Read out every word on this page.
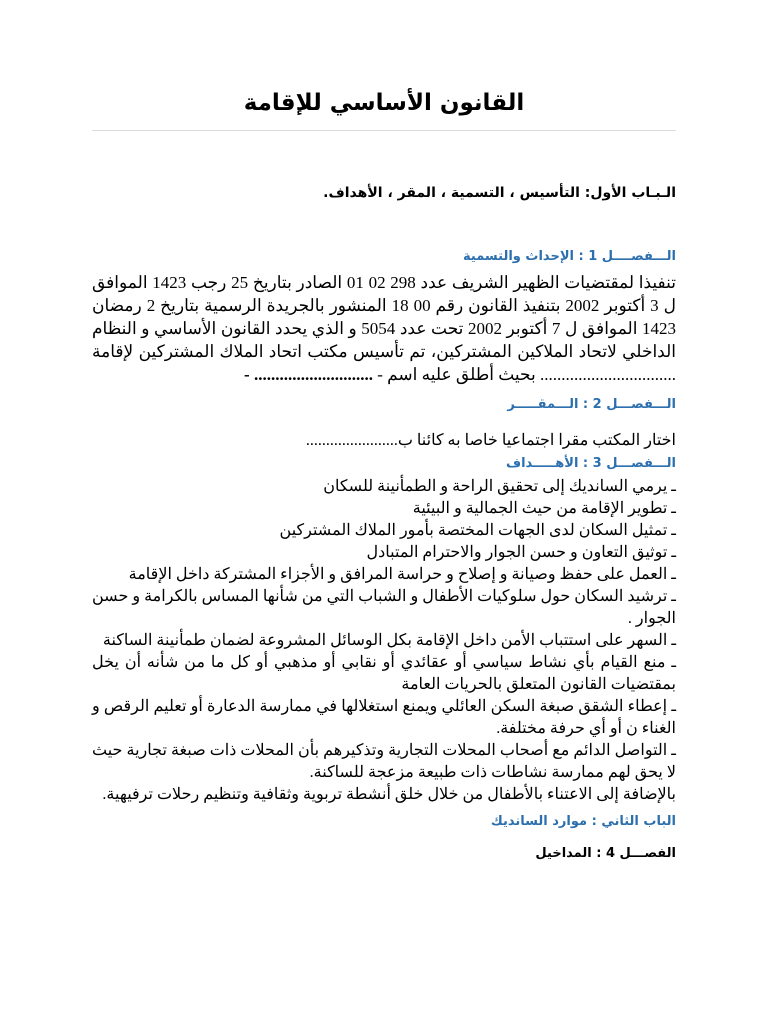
القانون الأساسي للإقامة
الـبـاب الأول: التأسيس ، التسمية ، المقر ، الأهداف.
الـــفصــــل 1 : الإحداث والتسمية

تنفيذا لمقتضيات الظهير الشريف عدد 298 02 01 الصادر بتاريخ 25 رجب 1423 الموافق ل 3 أكتوبر 2002 بتنفيذ القانون رقم 00 18 المنشور بالجريدة الرسمية بتاريخ 2 رمضان 1423 الموافق ل 7 أكتوبر 2002 تحت عدد 5054 و الذي يحدد القانون الأساسي و النظام الداخلي لاتحاد الملاكين المشتركين، تم تأسيس مكتب اتحاد الملاك المشتركين لإقامة ................................ بحيث أطلق عليه اسم - ............................ -

الـــفصـــل 2 : الـــمقـــــر

اختار المكتب مقرا اجتماعيا خاصا به كائنا ب.......................

الـــفصـــل 3 : الأهـــــداف
ـ يرمي السانديك إلى تحقيق الراحة و الطمأنينة للسكان
ـ تطوير الإقامة من حيث الجمالية و البيئية
ـ تمثيل السكان لدى الجهات المختصة بأمور الملاك المشتركين
ـ توثيق التعاون و حسن الجوار والاحترام المتبادل
ـ العمل على حفظ وصيانة و إصلاح و حراسة المرافق و الأجزاء المشتركة داخل الإقامة
ـ ترشيد السكان حول سلوكيات الأطفال و الشباب التي من شأنها المساس بالكرامة و حسن الجوار .
ـ السهر على استتباب الأمن داخل الإقامة بكل الوسائل المشروعة لضمان طمأنينة الساكنة
ـ منع القيام بأي نشاط سياسي أو عقائدي أو نقابي أو مذهبي أو كل ما من شأنه أن يخل بمقتضيات القانون المتعلق بالحريات العامة
ـ إعطاء الشقق صبغة السكن العائلي ويمنع استغلالها في ممارسة الدعارة أو تعليم الرقص و الغناء ن أو أي حرفة مختلفة.
ـ التواصل الدائم مع أصحاب المحلات التجارية وتذكيرهم بأن المحلات ذات صبغة تجارية حيث لا يحق لهم ممارسة نشاطات ذات طبيعة مزعجة للساكنة.
بالإضافة إلى الاعتناء بالأطفال من خلال خلق أنشطة تربوية وثقافية وتنظيم رحلات ترفيهية.
الباب الثاني : موارد السانديك
الفصـــل 4 : المداخيل
